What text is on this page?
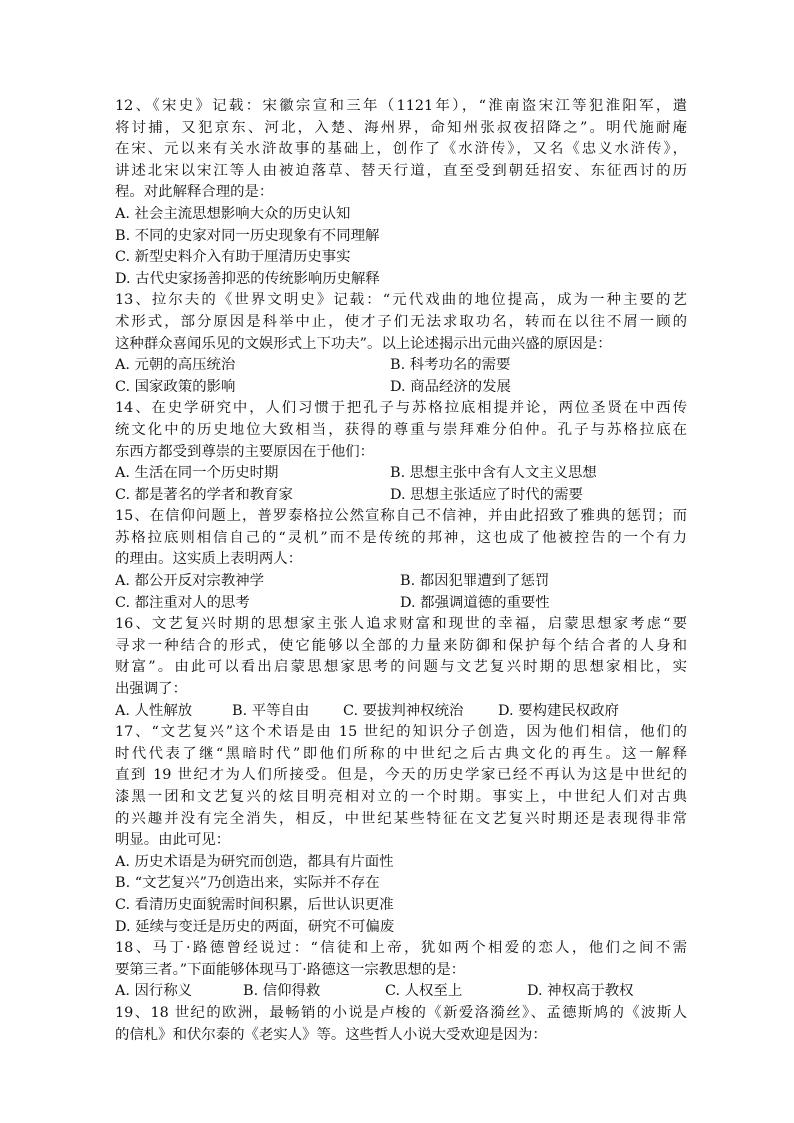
12、《宋史》记载：宋徽宗宣和三年（1121年），“淮南盗宋江等犯淮阳军，遣
将讨捕，又犯京东、河北，入楚、海州界，命知州张叔夜招降之”。明代施耐庵
在宋、元以来有关水浒故事的基础上，创作了《水浒传》，又名《忠义水浒传》，
讲述北宋以宋江等人由被迫落草、替天行道，直至受到朝廷招安、东征西讨的历
程。对此解释合理的是：
A. 社会主流思想影响大众的历史认知
B. 不同的史家对同一历史现象有不同理解
C. 新型史料介入有助于厘清历史事实
D. 古代史家扬善抑恶的传统影响历史解释
13、拉尔夫的《世界文明史》记载：“元代戏曲的地位提高，成为一种主要的艺
术形式，部分原因是科举中止，使才子们无法求取功名，转而在以往不屑一顾的
这种群众喜闻乐见的文娱形式上下功夫”。以上论述揭示出元曲兴盛的原因是：
A. 元朝的高压统治	B. 科考功名的需要
C. 国家政策的影响	D. 商品经济的发展
14、在史学研究中，人们习惯于把孔子与苏格拉底相提并论，两位圣贤在中西传
统文化中的历史地位大致相当，获得的尊重与崇拜难分伯仲。孔子与苏格拉底在
东西方都受到尊崇的主要原因在于他们：
A. 生活在同一个历史时期	B. 思想主张中含有人文主义思想
C. 都是著名的学者和教育家	D. 思想主张适应了时代的需要
15、在信仰问题上，普罗泰格拉公然宣称自己不信神，并由此招致了雅典的惩罚；而
苏格拉底则相信自己的“灵机”而不是传统的邦神，这也成了他被控告的一个有力
的理由。这实质上表明两人：
A. 都公开反对宗教神学	B. 都因犯罪遭到了惩罚
C. 都注重对人的思考	D. 都强调道德的重要性
16、文艺复兴时期的思想家主张人追求财富和现世的幸福，启蒙思想家考虑“要
寻求一种结合的形式，使它能够以全部的力量来防御和保护每个结合者的人身和
财富”。由此可以看出启蒙思想家思考的问题与文艺复兴时期的思想家相比，实
出强调了：
A. 人性解放	B. 平等自由 C. 要拔判神权统治 D. 要构建民权政府
17、“文艺复兴”这个术语是由 15 世纪的知识分子创造，因为他们相信，他们的
时代代表了继“黑暗时代”即他们所称的中世纪之后古典文化的再生。这一解释
直到 19 世纪才为人们所接受。但是，今天的历史学家已经不再认为这是中世纪的
漆黑一团和文艺复兴的炫目明亮相对立的一个时期。事实上，中世纪人们对古典
的兴趣并没有完全消失，相反，中世纪某些特征在文艺复兴时期还是表现得非常
明显。由此可见：
A. 历史术语是为研究而创造，都具有片面性
B. “文艺复兴”乃创造出来，实际并不存在
C. 看清历史面貌需时间积累，后世认识更准
D. 延续与变迁是历史的两面，研究不可偏废
18、马丁·路德曾经说过：“信徒和上帝，犹如两个相爱的恋人，他们之间不需
要第三者。”下面能够体现马丁·路德这一宗教思想的是：
A. 因行称义	B. 信仰得救	C. 人权至上	D. 神权高于教权
19、18 世纪的欧洲，最畅销的小说是卢梭的《新爱洛漪丝》、孟德斯鸠的《波斯人
的信札》和伏尔泰的《老实人》等。这些哲人小说大受欢迎是因为：
